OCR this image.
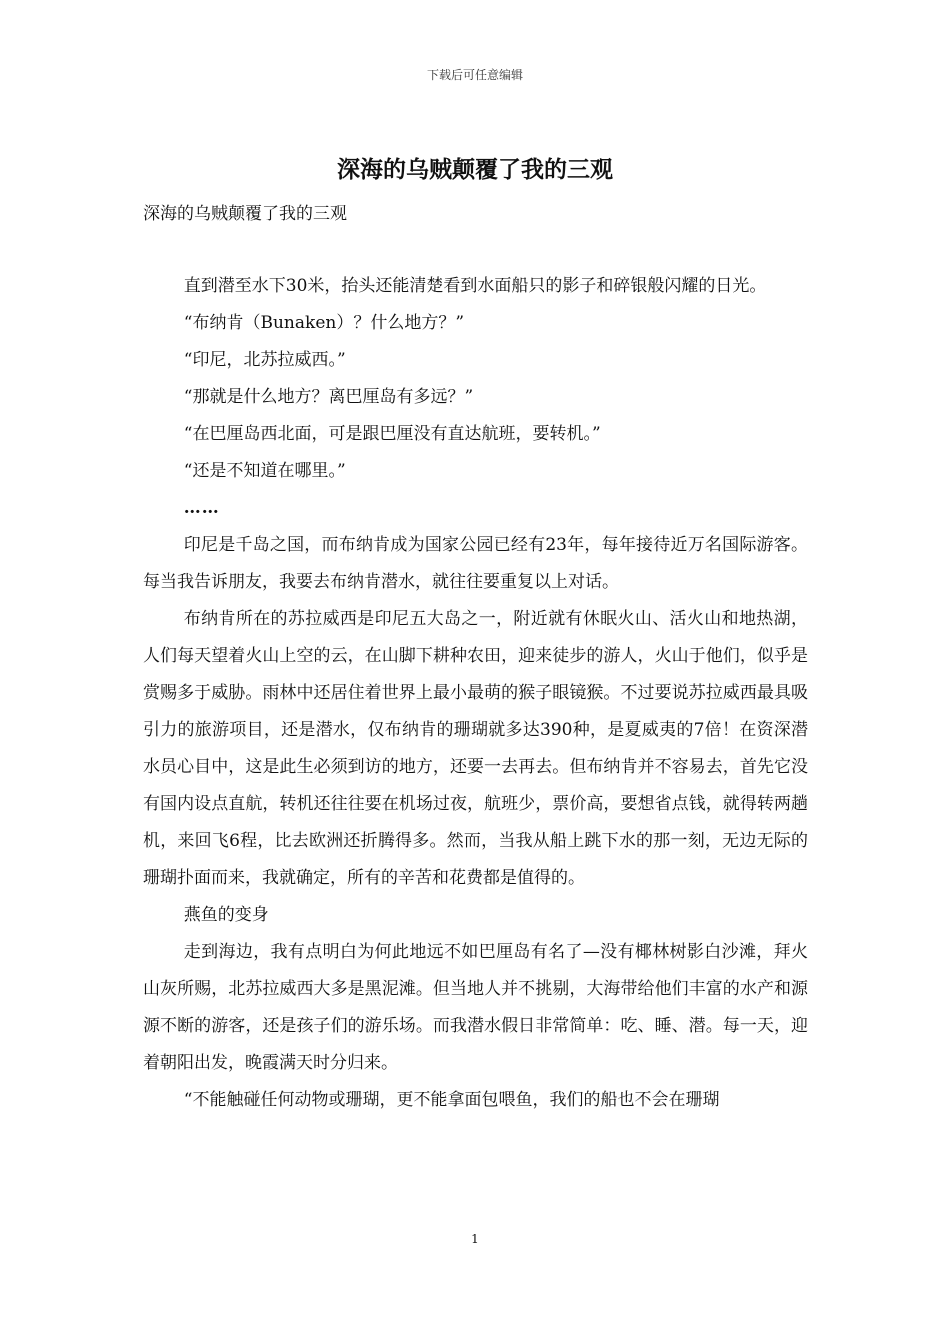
下载后可任意编辑
深海的乌贼颠覆了我的三观
深海的乌贼颠覆了我的三观

直到潜至水下30米，抬头还能清楚看到水面船只的影子和碎银般闪耀的日光。

“布纳肯（Bunaken）？什么地方？”

“印尼，北苏拉威西。”

“那就是什么地方？离巴厘岛有多远？”

“在巴厘岛西北面，可是跟巴厘没有直达航班，要转机。”

“还是不知道在哪里。”

……

印尼是千岛之国，而布纳肯成为国家公园已经有23年，每年接待近万名国际游客。每当我告诉朋友，我要去布纳肯潜水，就往往要重复以上对话。

布纳肯所在的苏拉威西是印尼五大岛之一，附近就有休眠火山、活火山和地热湖，人们每天望着火山上空的云，在山脚下耕种农田，迎来徒步的游人，火山于他们，似乎是赏赐多于威胁。雨林中还居住着世界上最小最萌的猴子眼镜猴。不过要说苏拉威西最具吸引力的旅游项目，还是潜水，仅布纳肯的珊瑚就多达390种，是夏威夷的7倍！在资深潜水员心目中，这是此生必须到访的地方，还要一去再去。但布纳肯并不容易去，首先它没有国内设点直航，转机还往往要在机场过夜，航班少，票价高，要想省点钱，就得转两趟机，来回飞6程，比去欧洲还折腾得多。然而，当我从船上跳下水的那一刻，无边无际的珊瑚扑面而来，我就确定，所有的辛苦和花费都是值得的。

燕鱼的变身

走到海边，我有点明白为何此地远不如巴厘岛有名了—没有椰林树影白沙滩，拜火山灰所赐，北苏拉威西大多是黑泥滩。但当地人并不挑剔，大海带给他们丰富的水产和源源不断的游客，还是孩子们的游乐场。而我潜水假日非常简单：吃、睡、潜。每一天，迎着朝阳出发，晚霞满天时分归来。

“不能触碰任何动物或珊瑚，更不能拿面包喂鱼，我们的船也不会在珊瑚

1
